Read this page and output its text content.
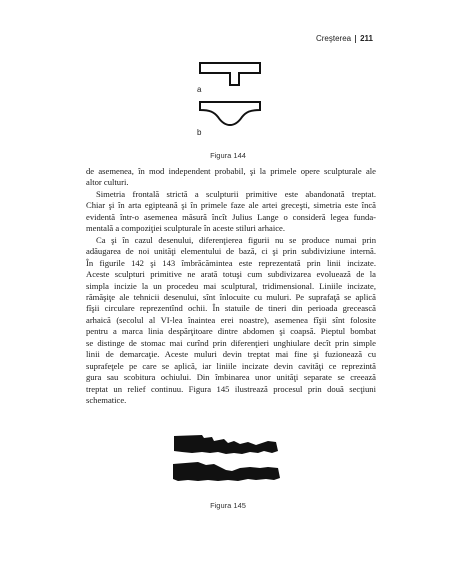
Creşterea 211
a
b
Figura 144
de asemenea, în mod independent probabil, şi la primele opere sculpturale ale
altor culturi.
Simetria frontală strictă a sculpturii primitive este abandonată treptat.
Chiar şi în arta egipteană şi în primele faze ale artei greceşti, simetria este încă
evidentă într-o asemenea măsură încît Julius Lange o consideră legea funda-
mentală a compoziţiei sculpturale în aceste stiluri arhaice.
Ca şi în cazul desenului, diferenţierea figurii nu se produce numai prin
adăugarea de noi unităţi elementului de bază, ci şi prin subdiviziune internă.
În figurile 142 şi 143 îmbrăcămintea este reprezentată prin linii incizate.
Aceste sculpturi primitive ne arată totuşi cum subdivizarea evoluează de la
simpla incizie la un procedeu mai sculptural, tridimensional. Liniile incizate,
rămăşiţe ale tehnicii desenului, sînt înlocuite cu muluri. Pe suprafaţă se aplică
fîşii circulare reprezentînd ochii. În statuile de tineri din perioada grecească
arhaică (secolul al VI-lea înaintea erei noastre), asemenea fîşii sînt folosite
pentru a marca linia despărţitoare dintre abdomen şi coapsă. Pieptul bombat
se distinge de stomac mai curînd prin diferenţieri unghiulare decît prin simple
linii de demarcaţie. Aceste muluri devin treptat mai fine şi fuzionează cu
suprafeţele pe care se aplică, iar liniile incizate devin cavităţi ce reprezintă
gura sau scobitura ochiului. Din îmbinarea unor unităţi separate se creează
treptat un relief continuu. Figura 145 ilustrează procesul prin două secţiuni
schematice.
Figura 145
